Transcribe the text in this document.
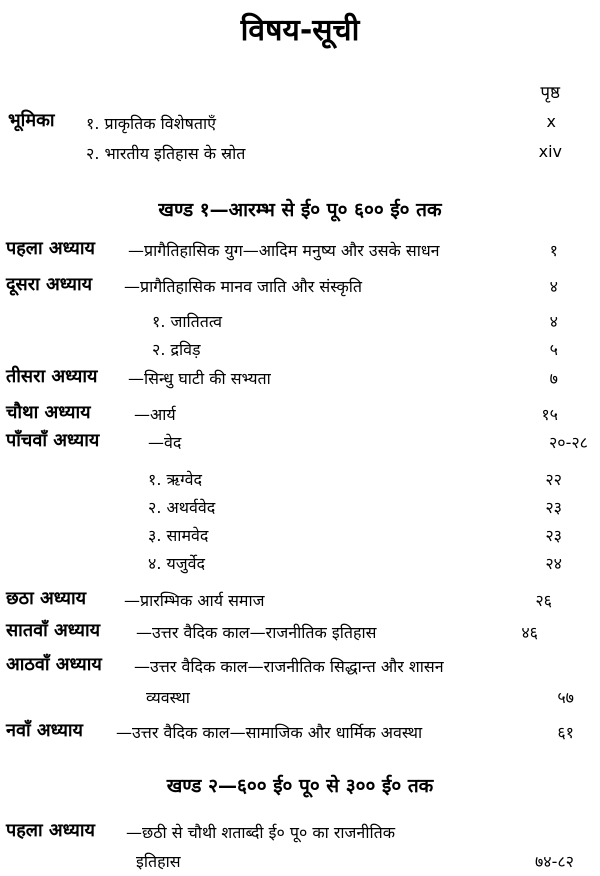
विषय-सूची
पृष्ठ
भूमिका १. प्राकृतिक विशेषताएँ	x
२. भारतीय इतिहास के स्रोत	xiv
खण्ड १—आरम्भ से ई० पू० ६०० ई० तक
पहला अध्याय —प्रागैतिहासिक युग—आदिम मनुष्य और उसके साधन	१
दूसरा अध्याय —प्रागैतिहासिक मानव जाति और संस्कृति	४
१. जातितत्व	४
२. द्रविड़	५
तीसरा अध्याय —सिन्धु घाटी की सभ्यता	७
चौथा अध्याय	—आर्य	१५
पाँचवाँ अध्याय	—वेद	२०-२८
१. ऋग्वेद	२२
२. अथर्ववेद	२३
३. सामवेद	२३
४. यजुर्वेद	२४
छठा अध्याय —प्रारम्भिक आर्य समाज	२६
सातवाँ अध्याय —उत्तर वैदिक काल—राजनीतिक इतिहास	४६
आठवाँ अध्याय —उत्तर वैदिक काल—राजनीतिक सिद्धान्त और शासन
व्यवस्था	५७
नवाँ अध्याय —उत्तर वैदिक काल—सामाजिक और धार्मिक अवस्था	६१
खण्ड २—६०० ई० पू० से ३०० ई० तक
पहला अध्याय —छठी से चौथी शताब्दी ई० पू० का राजनीतिक
इतिहास	७४-८२
